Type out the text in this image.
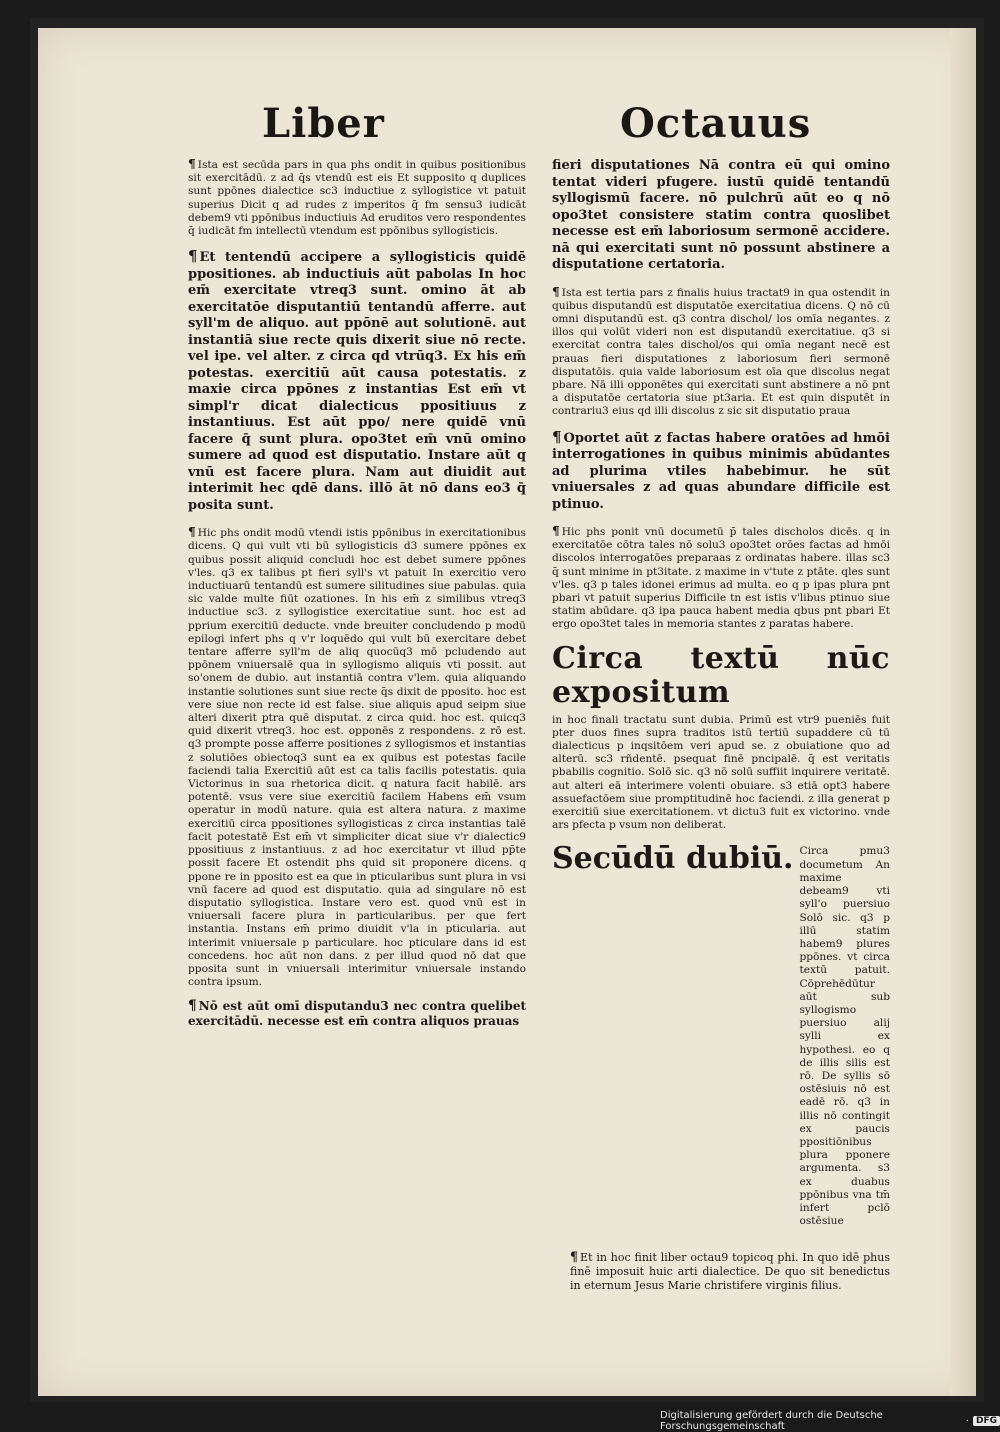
Liber	Octauus

¶ Ista est secūda pars in qua phs ondit in quibus positionibus sit exercitādū. z ad q̄s vtendū est eis Et supposito q duplices sunt ppōnes dialectice sc3 inductiue z syllogistice vt patuit superius Dicit q ad rudes z imperitos q̄ fm sensu3 iudicāt debem9 vti ppōnibus inductiuis Ad eruditos vero respondentes q̄ iudicāt fm intellectū vtendum est ppōnibus syllogisticis.

¶ Et tentendū accipere a syllogisticis quidē ppositiones. ab inductiuis aūt pabolas In hoc em̄ exercitate vtreq3 sunt. omino āt ab exercitatōe disputantiū tentandū afferre. aut syll'm de aliquo. aut ppōnē aut solutionē. aut instantiā siue recte quis dixerit siue nō recte. vel ipe. vel alter. z circa qd vtrūq3. Ex his em̄ potestas. exercitiū aūt causa potestatis. z maxie circa ppōnes z instantias Est em̄ vt simpl'r dicat dialecticus ppositiuus z instantiuus. Est aūt ppo/ nere quidē vnū facere q̄ sunt plura. opo3tet em̄ vnū omino sumere ad quod est disputatio. Instare aūt q vnū est facere plura. Nam aut diuidit aut interimit hec qdē dans. illō āt nō dans eo3 q̄ posita sunt.

¶ Hic phs ondit modū vtendi istis ppōnibus in exercitationibus dicens. Q qui vult vti bū syllogisticis d3 sumere ppōnes ex quibus possit aliquid concludi hoc est debet sumere ppōnes v'les. q3 ex talibus pt fieri syll's vt patuit In exercitio vero inductiuarū tentandū est sumere silitudines siue pabulas. quia sic valde multe fiūt ozationes. In his em̄ z similibus vtreq3 inductiue sc3. z syllogistice exercitatiue sunt. hoc est ad pprium exercitiū deducte. vnde breuiter concludendo p modū epilogi infert phs q v'r loquēdo qui vult bū exercitare debet tentare afferre syll'm de aliq quocūq3 mō pcludendo aut ppōnem vniuersalē qua in syllogismo aliquis vti possit. aut so'onem de dubio. aut instantiā contra v'lem. quia aliquando instantie solutiones sunt siue recte q̄s dixit de pposito. hoc est vere siue non recte id est false. siue aliquis apud seipm siue alteri dixerit ptra quē disputat. z circa quid. hoc est. quicq3 quid dixerit vtreq3. hoc est. opponēs z respondens. z rō est. q3 prompte posse afferre positiones z syllogismos et instantias z solutiōes obiectoq3 sunt ea ex quibus est potestas facile faciendi talia Exercitiū aūt est ca talis facilis potestatis. quia Victorinus in sua rhetorica dicit. q natura facit habilē. ars potentē. vsus vere siue exercitiū facilem Habens em̄ vsum operatur in modū nature. quia est altera natura. z maxime exercitiū circa ppositiones syllogisticas z circa instantias talē facit potestatē Est em̄ vt simpliciter dicat siue v'r dialectic9 ppositiuus z instantiuus. z ad hoc exercitatur vt illud pp̄te possit facere Et ostendit phs quid sit proponere dicens. q ppone re in pposito est ea que in pticularibus sunt plura in vsi vnū facere ad quod est disputatio. quia ad singulare nō est disputatio syllogistica. Instare vero est. quod vnū est in vniuersali facere plura in particularibus. per que fert instantia. Instans em̄ primo diuidit v'la in pticularia. aut interimit vniuersale p particulare. hoc pticulare dans id est concedens. hoc aūt non dans. z per illud quod nō dat que pposita sunt in vniuersali interimitur vniuersale instando contra ipsum.

¶ Nō est aūt omī disputandu3 nec contra quelibet exercitādū. necesse est em̄ contra aliquos prauas

fieri disputationes Nā contra eū qui omino tentat videri pfugere. iustū quidē tentandū syllogismū facere. nō pulchrū aūt eo q nō opo3tet consistere statim contra quoslibet necesse est em̄ laboriosum sermonē accidere. nā qui exercitati sunt nō possunt abstinere a disputatione certatoria.

¶ Ista est tertia pars z finalis huius tractat9 in qua ostendit in quibus disputandū est disputatōe exercitatiua dicens. Q nō cū omni disputandū est. q3 contra dischol/ los omīa negantes. z illos qui volūt videri non est disputandū exercitatiue. q3 si exercitat contra tales dischol/os qui omīa negant necē est prauas fieri disputationes z laboriosum fieri sermonē disputatōis. quia valde laboriosum est oīa que discolus negat pbare. Nā illi opponētes qui exercitati sunt abstinere a nō pnt a disputatōe certatoria siue pt3aria. Et est quin disputēt in contrariu3 eius qd illi discolus z sic sit disputatio praua

¶ Oportet aūt z factas habere oratōes ad hmōi interrogationes in quibus minimis abūdantes ad plurima vtiles habebimur. he sūt vniuersales z ad quas abundare difficile est ptinuo.

¶ Hic phs ponit vnū documetū p̄ tales discholos dicēs. q in exercitatōe cōtra tales nō solu3 opo3tet orōes factas ad hmōi discolos interrogatōes preparaas z ordinatas habere. illas sc3 q̄ sunt minime in pt3itate. z maxime in v'tute z ptāte. qles sunt v'les. q3 p tales idonei erimus ad multa. eo q p ipas plura pnt pbari vt patuit superius Difficile tn est istis v'libus ptinuo siue statim abūdare. q3 ipa pauca habent media qbus pnt pbari Et ergo opo3tet tales in memoria stantes z paratas habere.

Circa textū nūc expositum

in hoc finali tractatu sunt dubia. Primū est vtr9 pueniēs fuit pter duos fines supra traditos istū tertiū supaddere cū tū dialecticus p inqsitōem veri apud se. z obuiatione quo ad alterū. sc3 rñdentē. psequat finē pncipalē. q̄ est veritatis pbabilis cognitio. Solō sic. q3 nō solū suffiit inquirere veritatē. aut alteri eā interimere volenti obuiare. s3 etiā opt3 habere assuefactōem siue promptitudinē hoc faciendi. z illa generat p exercitiū siue exercitationem. vt dictu3 fuit ex victorino. vnde ars pfecta p vsum non deliberat.

Secūdū dubiū. Circa pmu3 documetum An maxime debeam9 vti syll'o puersiuo Solō sic. q3 p illū statim habem9 plures ppōnes. vt circa textū patuit. Cōprehēdūtur aūt sub syllogismo puersiuo alij sylli ex hypothesi. eo q de illis silis est rō. De syllis sō ostēsiuis nō est eadē rō. q3 in illis nō contingit ex paucis ppositiōnibus plura pponere argumenta. s3 ex duabus ppōnibus vna tm̄ infert pclō ostēsiue

¶ Et in hoc finit liber octau9 topicoq phi. In quo idē phus finē imposuit huic arti dialectice. De quo sit benedictus in eternum Jesus Marie christifere virginis filius.

Digitalisierung gefördert durch die Deutsche Forschungsgemeinschaft	· DFG
